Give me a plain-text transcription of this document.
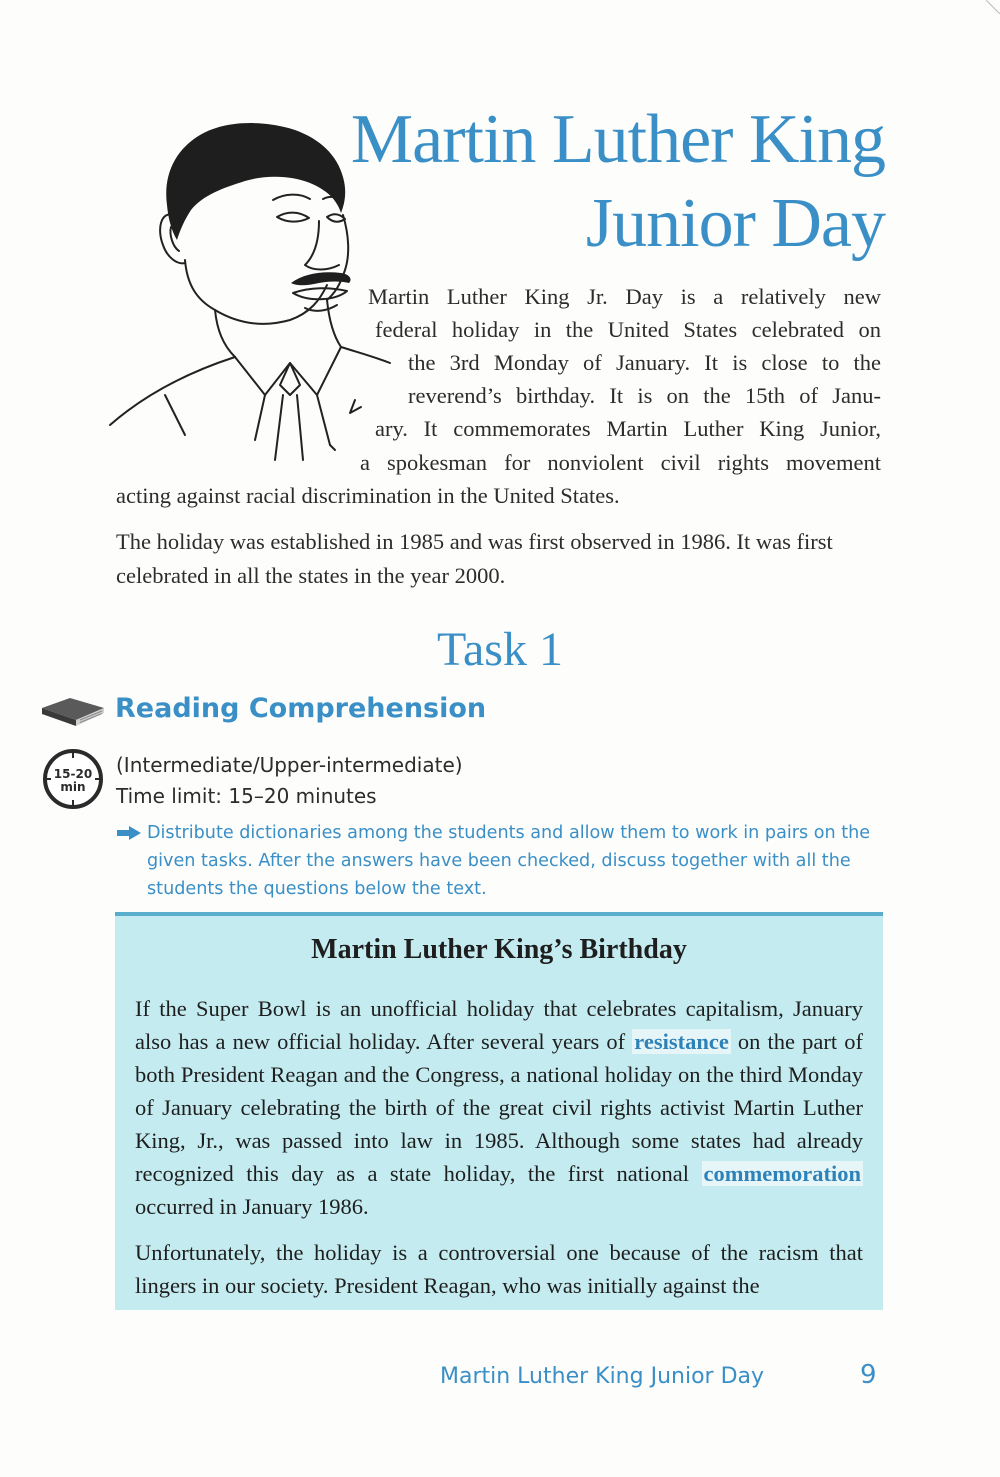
Martin Luther King
Junior Day

Martin Luther King Jr. Day is a relatively new

federal holiday in the United States celebrated on

the 3rd Monday of January. It is close to the

reverend’s birthday. It is on the 15th of Janu-

ary. It commemorates Martin Luther King Junior,

a spokesman for nonviolent civil rights movement

acting against racial discrimination in the United States.

The holiday was established in 1985 and was first observed in 1986. It was first celebrated in all the states in the year 2000.

Task 1
Reading Comprehension
15-20
min

(Intermediate/Upper-intermediate)
Time limit: 15–20 minutes

Distribute dictionaries among the students and allow them to work in pairs on the given tasks. After the answers have been checked, discuss together with all the students the questions below the text.

Martin Luther King’s Birthday

If the Super Bowl is an unofficial holiday that celebrates capitalism, January also has a new official holiday. After several years of resistance on the part of both President Reagan and the Congress, a national holiday on the third Monday of January celebrating the birth of the great civil rights activist Martin Luther King, Jr., was passed into law in 1985. Although some states had already recognized this day as a state holiday, the first national commemoration occurred in January 1986.

Unfortunately, the holiday is a controversial one because of the racism that lingers in our society. President Reagan, who was initially against the

Martin Luther King Junior Day	9
